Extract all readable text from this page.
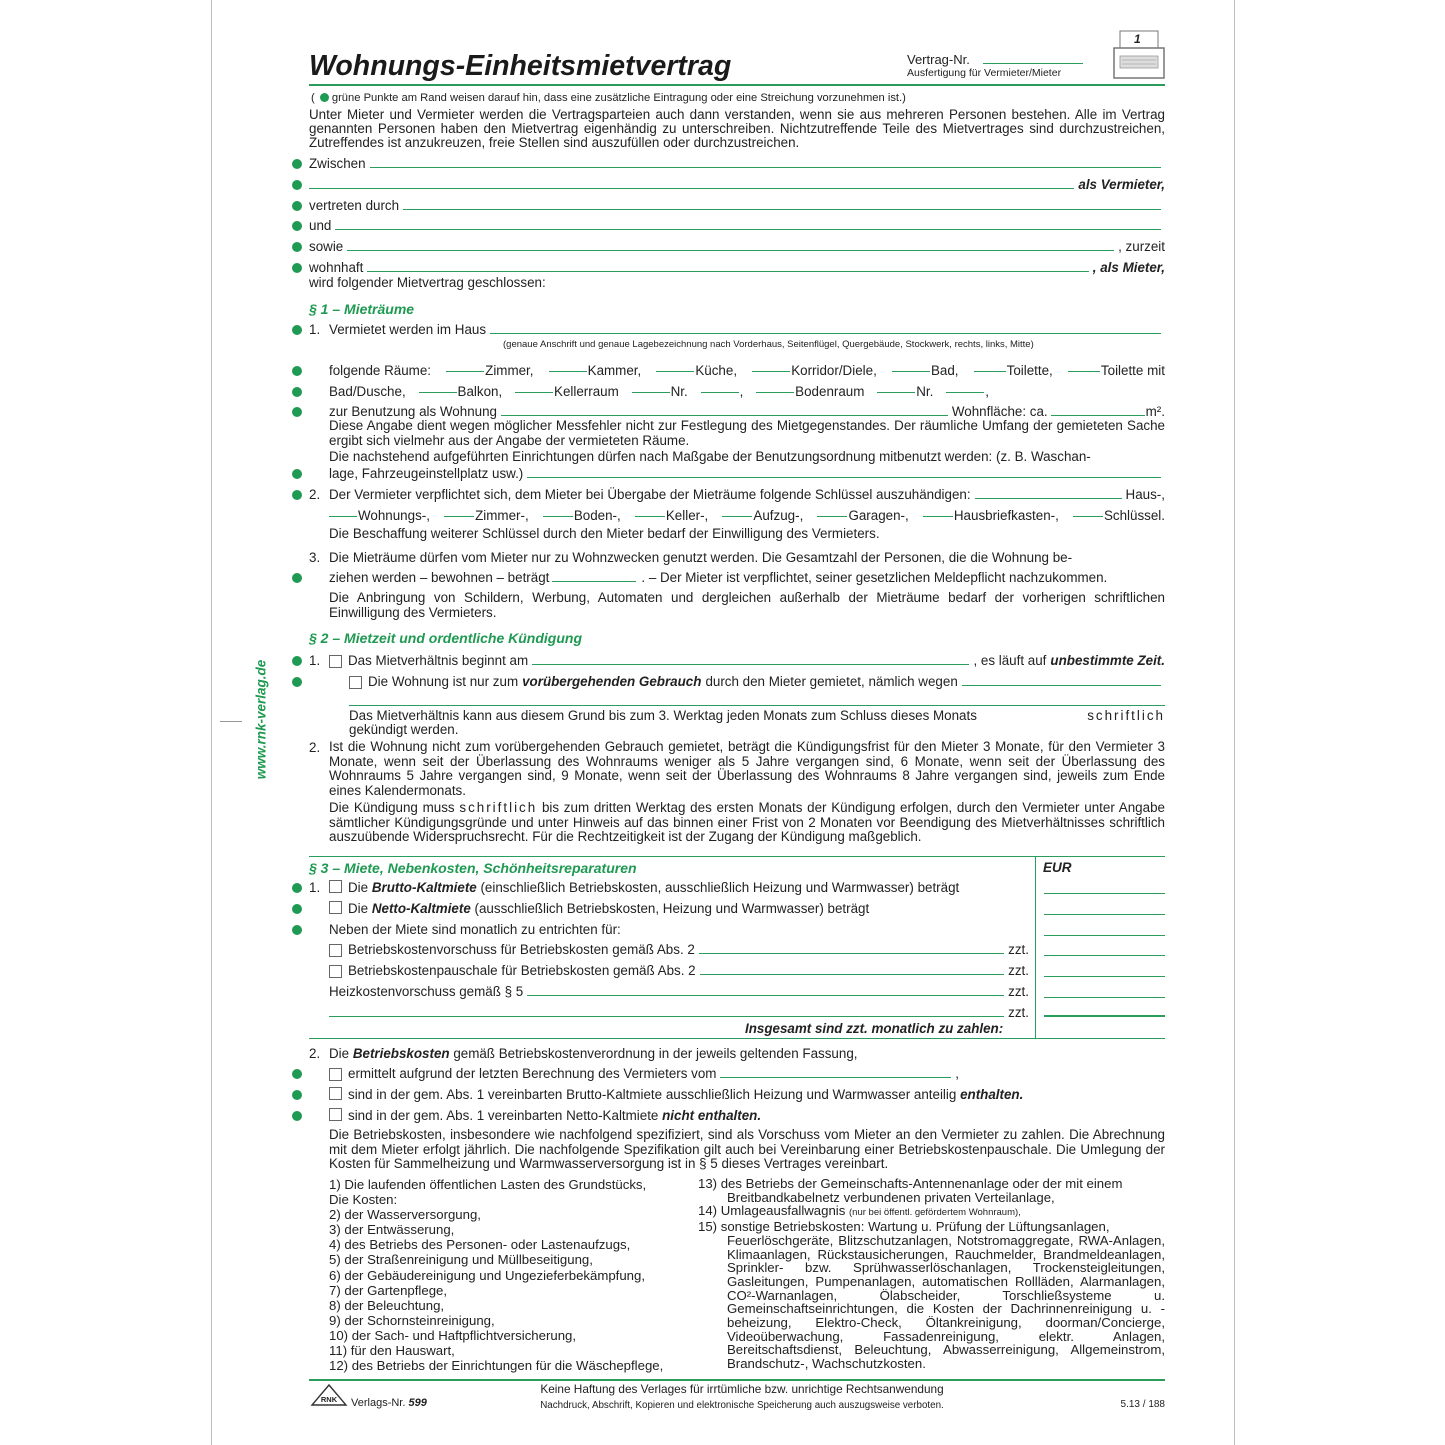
Wohnungs-Einheitsmietvertrag	Vertrag-Nr.
Ausfertigung für Vermieter/Mieter
1
www.rnk-verlag.de
( grüne Punkte am Rand weisen darauf hin, dass eine zusätzliche Eintragung oder eine Streichung vorzunehmen ist.)
Unter Mieter und Vermieter werden die Vertragsparteien auch dann verstanden, wenn sie aus mehreren Personen bestehen. Alle im Vertrag genannten Personen haben den Mietvertrag eigenhändig zu unterschreiben. Nichtzutreffende Teile des Mietvertrages sind durchzustreichen, Zutreffendes ist anzukreuzen, freie Stellen sind auszufüllen oder durchzustreichen.
Zwischen
als Vermieter,
vertreten durch
und
sowie	, zurzeit
wohnhaft	, als Mieter,
wird folgender Mietvertrag geschlossen:
§ 1 – Mieträume
1. Vermietet werden im Haus
(genaue Anschrift und genaue Lagebezeichnung nach Vorderhaus, Seitenflügel, Quergebäude, Stockwerk, rechts, links, Mitte)
folgende Räume:	Zimmer,	Kammer,	Küche,	Korridor/Diele,	Bad,	Toilette,	Toilette mit
Bad/Dusche,	Balkon,	Kellerraum	Nr.	,	Bodenraum	Nr.	,
zur Benutzung als Wohnung	Wohnfläche: ca.	m².
Diese Angabe dient wegen möglicher Messfehler nicht zur Festlegung des Mietgegenstandes. Der räumliche Umfang der gemieteten Sache ergibt sich vielmehr aus der Angabe der vermieteten Räume.
Die nachstehend aufgeführten Einrichtungen dürfen nach Maßgabe der Benutzungsordnung mitbenutzt werden: (z. B. Waschan-
lage, Fahrzeugeinstellplatz usw.)
2. Der Vermieter verpflichtet sich, dem Mieter bei Übergabe der Mieträume folgende Schlüssel auszuhändigen:	Haus-,
Wohnungs-,	Zimmer-,	Boden-,	Keller-,	Aufzug-,	Garagen-,	Hausbriefkasten-,	Schlüssel.
Die Beschaffung weiterer Schlüssel durch den Mieter bedarf der Einwilligung des Vermieters.
3. Die Mieträume dürfen vom Mieter nur zu Wohnzwecken genutzt werden. Die Gesamtzahl der Personen, die die Wohnung be-
ziehen werden – bewohnen – beträgt	. – Der Mieter ist verpflichtet, seiner gesetzlichen Meldepflicht nachzukommen.
Die Anbringung von Schildern, Werbung, Automaten und dergleichen außerhalb der Mieträume bedarf der vorherigen schriftlichen Einwilligung des Vermieters.
§ 2 – Mietzeit und ordentliche Kündigung
1. Das Mietverhältnis beginnt am	, es läuft auf unbestimmte Zeit.
Die Wohnung ist nur zum vorübergehenden Gebrauch durch den Mieter gemietet, nämlich wegen
Das Mietverhältnis kann aus diesem Grund bis zum 3. Werktag jeden Monats zum Schluss dieses Monats	schriftlich
gekündigt werden.
2. Ist die Wohnung nicht zum vorübergehenden Gebrauch gemietet, beträgt die Kündigungsfrist für den Mieter 3 Monate, für den Vermieter 3 Monate, wenn seit der Überlassung des Wohnraums weniger als 5 Jahre vergangen sind, 6 Monate, wenn seit der Überlassung des Wohnraums 5 Jahre vergangen sind, 9 Monate, wenn seit der Überlassung des Wohnraums 8 Jahre vergangen sind, jeweils zum Ende eines Kalendermonats.
Die Kündigung muss schriftlich bis zum dritten Werktag des ersten Monats der Kündigung erfolgen, durch den Vermieter unter Angabe sämtlicher Kündigungsgründe und unter Hinweis auf das binnen einer Frist von 2 Monaten vor Beendigung des Mietverhältnisses schriftlich auszuübende Widerspruchsrecht. Für die Rechtzeitigkeit ist der Zugang der Kündigung maßgeblich.
§ 3 – Miete, Nebenkosten, Schönheitsreparaturen	EUR
1.	Die Brutto-Kaltmiete (einschließlich Betriebskosten, ausschließlich Heizung und Warmwasser) beträgt
Die Netto-Kaltmiete (ausschließlich Betriebskosten, Heizung und Warmwasser) beträgt
Neben der Miete sind monatlich zu entrichten für:
Betriebskostenvorschuss für Betriebskosten gemäß Abs. 2	zzt.
Betriebskostenpauschale für Betriebskosten gemäß Abs. 2	zzt.
Heizkostenvorschuss gemäß § 5	zzt.
zzt.
Insgesamt sind zzt. monatlich zu zahlen:
2. Die Betriebskosten gemäß Betriebskostenverordnung in der jeweils geltenden Fassung,
ermittelt aufgrund der letzten Berechnung des Vermieters vom	,
sind in der gem. Abs. 1 vereinbarten Brutto-Kaltmiete ausschließlich Heizung und Warmwasser anteilig enthalten.
sind in der gem. Abs. 1 vereinbarten Netto-Kaltmiete nicht enthalten.
Die Betriebskosten, insbesondere wie nachfolgend spezifiziert, sind als Vorschuss vom Mieter an den Vermieter zu zahlen. Die Abrechnung mit dem Mieter erfolgt jährlich. Die nachfolgende Spezifikation gilt auch bei Vereinbarung einer Betriebskostenpauschale. Die Umlegung der Kosten für Sammelheizung und Warmwasserversorgung ist in § 5 dieses Vertrages vereinbart.
1) Die laufenden öffentlichen Lasten des Grundstücks,
Die Kosten:
2) der Wasserversorgung,
3) der Entwässerung,
4) des Betriebs des Personen- oder Lastenaufzugs,
5) der Straßenreinigung und Müllbeseitigung,
6) der Gebäudereinigung und Ungezieferbekämpfung,
7) der Gartenpflege,
8) der Beleuchtung,
9) der Schornsteinreinigung,
10) der Sach- und Haftpflichtversicherung,
11) für den Hauswart,
12) des Betriebs der Einrichtungen für die Wäschepflege,
13) des Betriebs der Gemeinschafts-Antennenanlage oder der mit einem
Breitbandkabelnetz verbundenen privaten Verteilanlage,
14) Umlageausfallwagnis (nur bei öffentl. gefördertem Wohnraum),
15) sonstige Betriebskosten: Wartung u. Prüfung der Lüftungsanlagen,
Feuerlöschgeräte, Blitzschutzanlagen, Notstromaggregate, RWA-Anlagen, Klimaanlagen, Rückstausicherungen, Rauchmelder, Brandmeldeanlagen, Sprinkler- bzw. Sprühwasserlöschanlagen, Trockensteigleitungen, Gasleitungen, Pumpenanlagen, automatischen Rollläden, Alarmanlagen, CO²-Warnanlagen, Ölabscheider, Torschließsysteme u. Gemeinschaftseinrichtungen, die Kosten der Dachrinnenreinigung u. -beheizung, Elektro-Check, Öltankreinigung, doorman/Concierge, Videoüberwachung, Fassadenreinigung, elektr. Anlagen, Bereitschaftsdienst, Beleuchtung, Abwasserreinigung, Allgemeinstrom, Brandschutz-, Wachschutzkosten.
RNK Verlags-Nr. 599
Keine Haftung des Verlages für irrtümliche bzw. unrichtige Rechtsanwendung
Nachdruck, Abschrift, Kopieren und elektronische Speicherung auch auszugsweise verboten.	5.13 / 188
